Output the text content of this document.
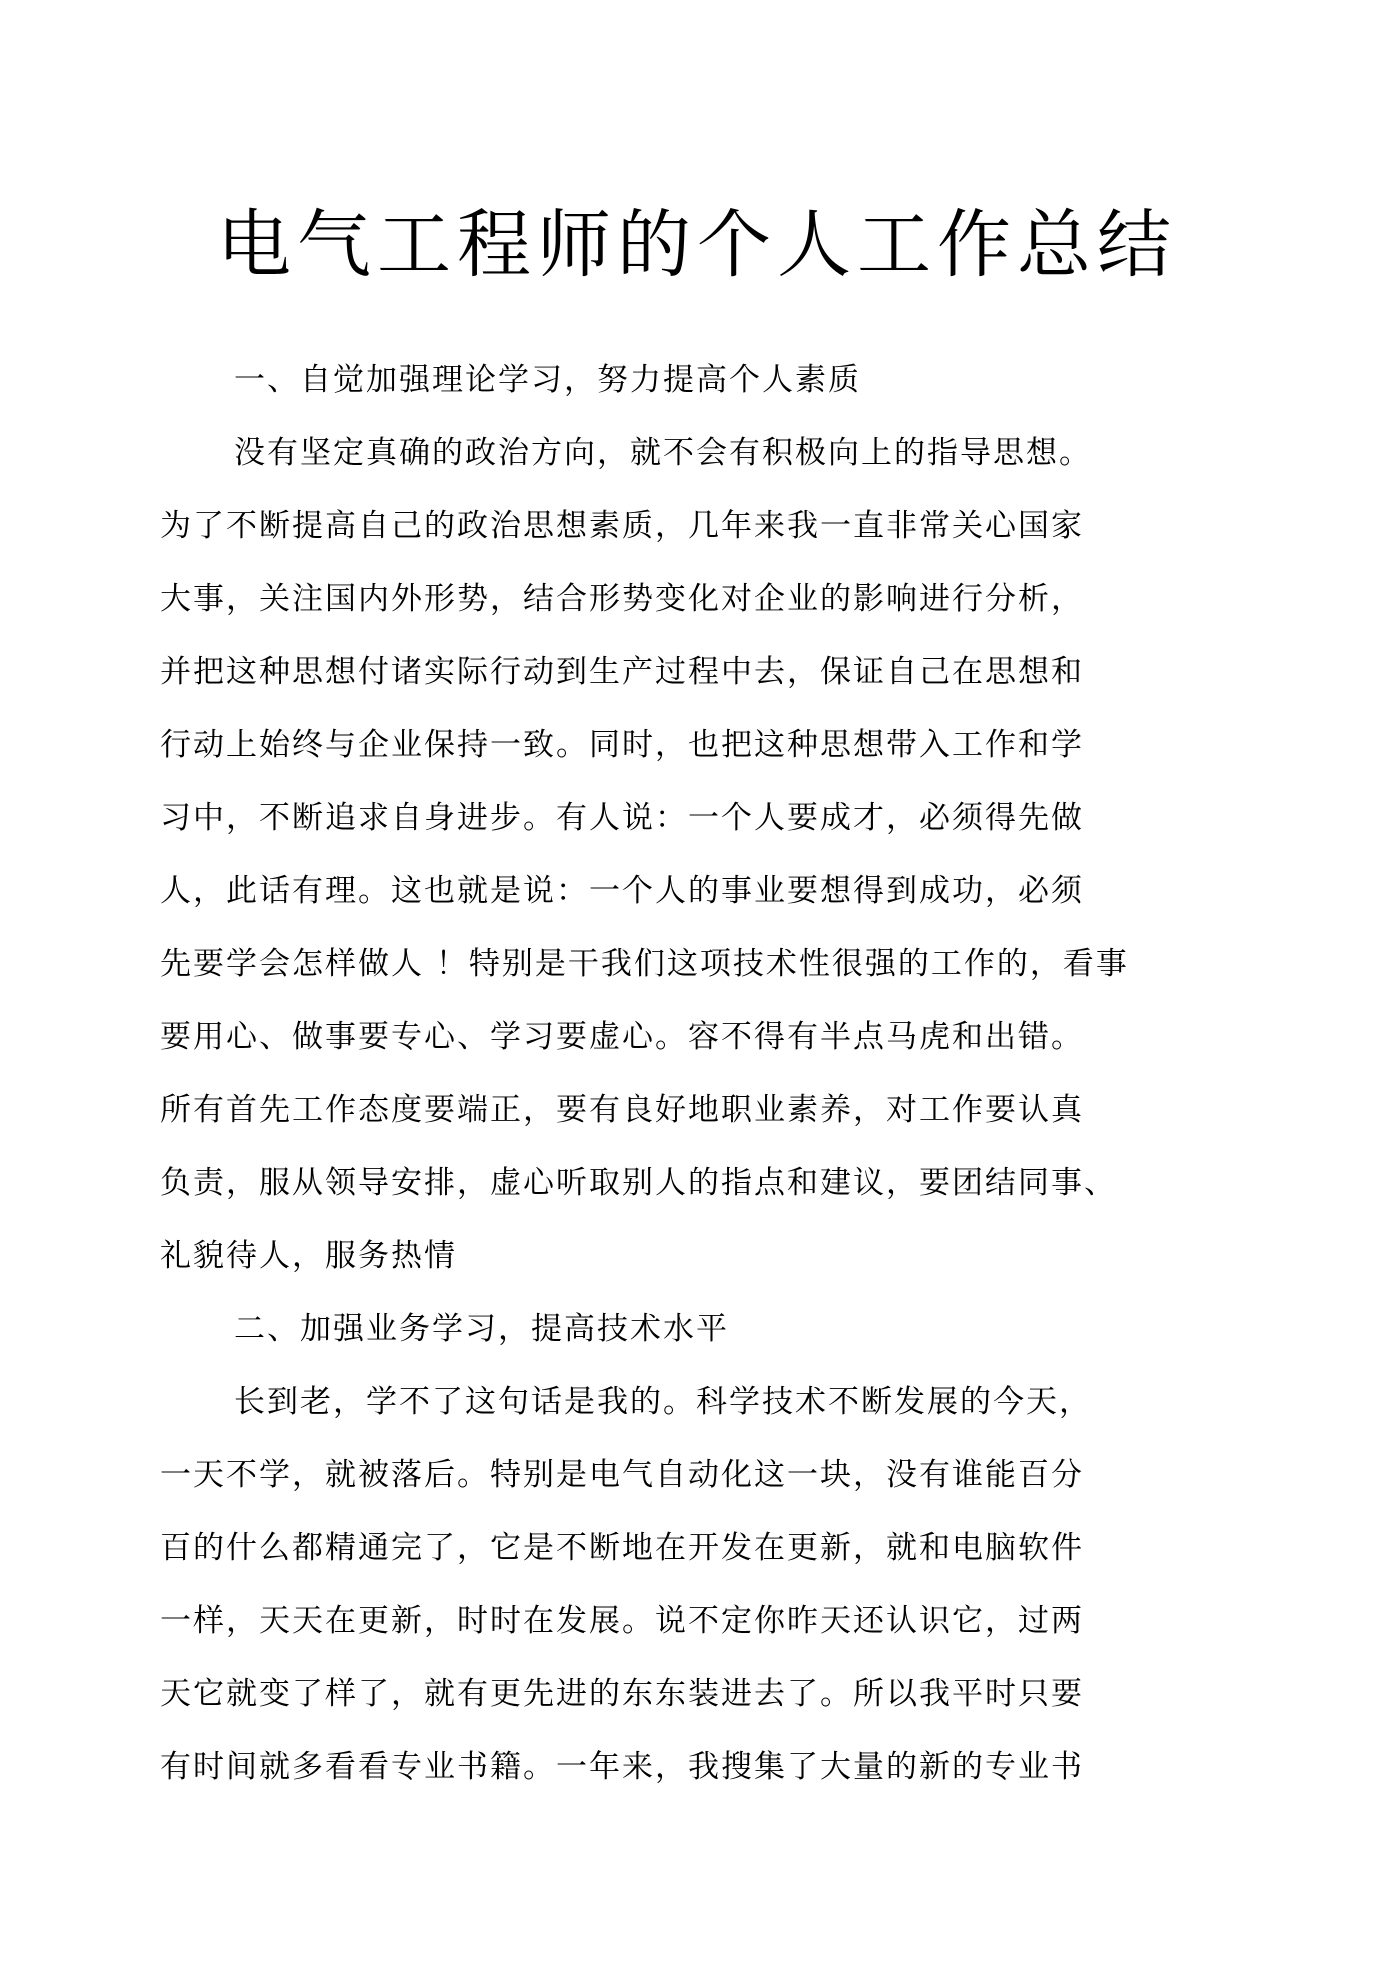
电气工程师的个人工作总结
一、自觉加强理论学习，努力提高个人素质
没有坚定真确的政治方向，就不会有积极向上的指导思想。
为了不断提高自己的政治思想素质，几年来我一直非常关心国家
大事，关注国内外形势，结合形势变化对企业的影响进行分析，
并把这种思想付诸实际行动到生产过程中去，保证自己在思想和
行动上始终与企业保持一致。同时，也把这种思想带入工作和学
习中，不断追求自身进步。有人说：一个人要成才，必须得先做
人，此话有理。这也就是说：一个人的事业要想得到成功，必须
先要学会怎样做人 ！特别是干我们这项技术性很强的工作的，看事
要用心、做事要专心、学习要虚心。容不得有半点马虎和出错。
所有首先工作态度要端正，要有良好地职业素养，对工作要认真
负责，服从领导安排，虚心听取别人的指点和建议，要团结同事、
礼貌待人，服务热情
二、加强业务学习，提高技术水平
长到老，学不了这句话是我的。科学技术不断发展的今天，
一天不学，就被落后。特别是电气自动化这一块，没有谁能百分
百的什么都精通完了，它是不断地在开发在更新，就和电脑软件
一样，天天在更新，时时在发展。说不定你昨天还认识它，过两
天它就变了样了，就有更先进的东东装进去了。所以我平时只要
有时间就多看看专业书籍。一年来，我搜集了大量的新的专业书
